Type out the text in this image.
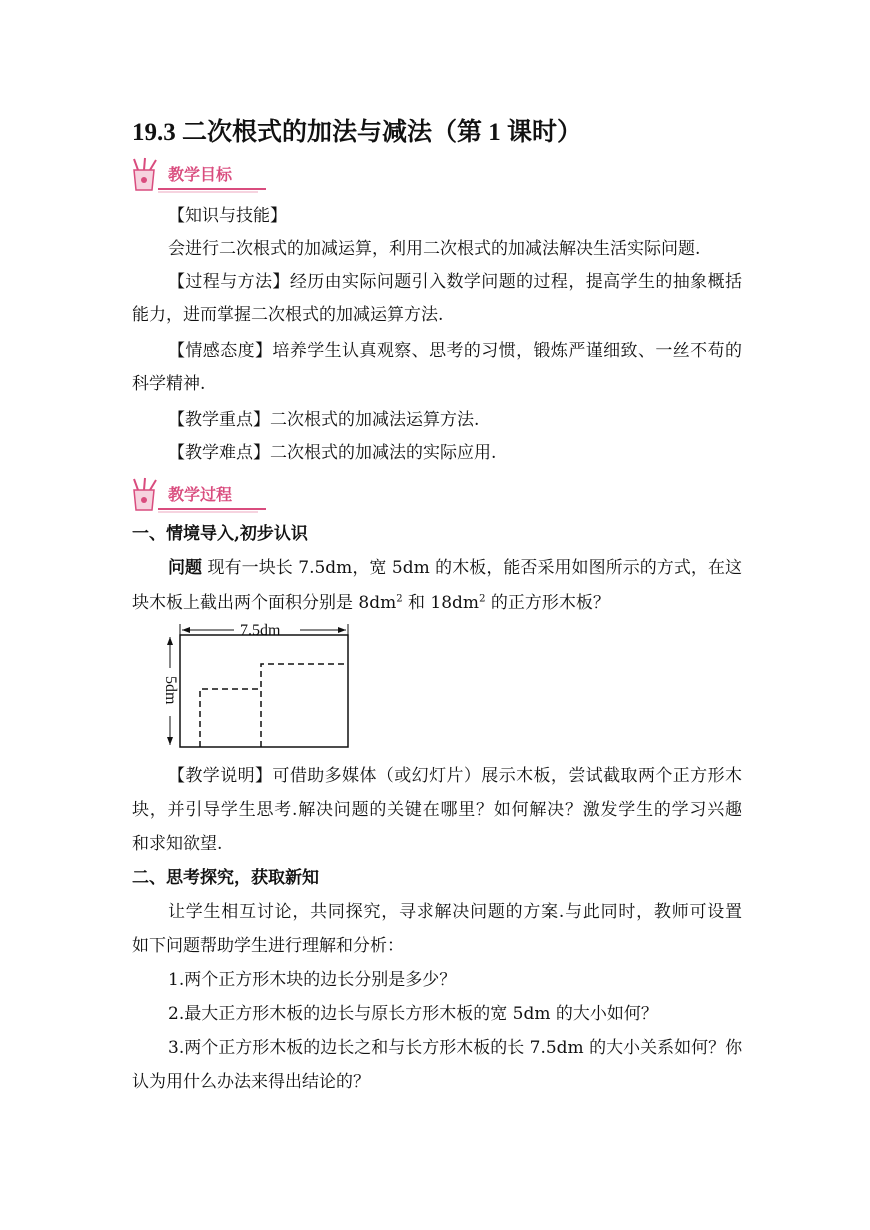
19.3 二次根式的加法与减法（第 1 课时）
教学目标
【知识与技能】
会进行二次根式的加减运算，利用二次根式的加减法解决生活实际问题.
【过程与方法】经历由实际问题引入数学问题的过程，提高学生的抽象概括
能力，进而掌握二次根式的加减运算方法.
【情感态度】培养学生认真观察、思考的习惯，锻炼严谨细致、一丝不苟的
科学精神.
【教学重点】二次根式的加减法运算方法.
【教学难点】二次根式的加减法的实际应用.
教学过程
一、情境导入,初步认识
问题 现有一块长 7.5dm，宽 5dm 的木板，能否采用如图所示的方式，在这
块木板上截出两个面积分别是 $8dm^2$ 和 $18dm^2$ 的正方形木板？
7.5dm
5dm
【教学说明】可借助多媒体（或幻灯片）展示木板，尝试截取两个正方形木
块，并引导学生思考.解决问题的关键在哪里？如何解决？激发学生的学习兴趣
和求知欲望.
二、思考探究，获取新知
让学生相互讨论，共同探究，寻求解决问题的方案.与此同时，教师可设置
如下问题帮助学生进行理解和分析：
1.两个正方形木块的边长分别是多少？
2.最大正方形木板的边长与原长方形木板的宽 5dm 的大小如何？
3.两个正方形木板的边长之和与长方形木板的长 7.5dm 的大小关系如何？你
认为用什么办法来得出结论的？
